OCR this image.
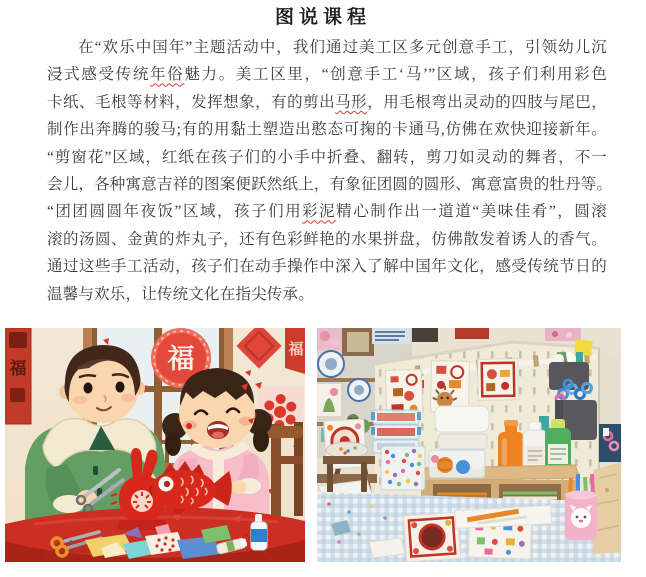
图说课程
在“欢乐中国年”主题活动中，我们通过美工区多元创意手工，引领幼儿沉
浸式感受传统年俗魅力。美工区里，“创意手工‘马’”区域，孩子们利用彩色
卡纸、毛根等材料，发挥想象，有的剪出马形，用毛根弯出灵动的四肢与尾巴，
制作出奔腾的骏马;有的用黏土塑造出憨态可掬的卡通马,仿佛在欢快迎接新年。
“剪窗花”区域，红纸在孩子们的小手中折叠、翻转，剪刀如灵动的舞者，不一
会儿，各种寓意吉祥的图案便跃然纸上，有象征团圆的圆形、寓意富贵的牡丹等。
“团团圆圆年夜饭”区域，孩子们用彩泥精心制作出一道道“美味佳肴”，圆滚
滚的汤圆、金黄的炸丸子，还有色彩鲜艳的水果拼盘，仿佛散发着诱人的香气。
通过这些手工活动，孩子们在动手操作中深入了解中国年文化，感受传统节日的
温馨与欢乐，让传统文化在指尖传承。
福
福
福
